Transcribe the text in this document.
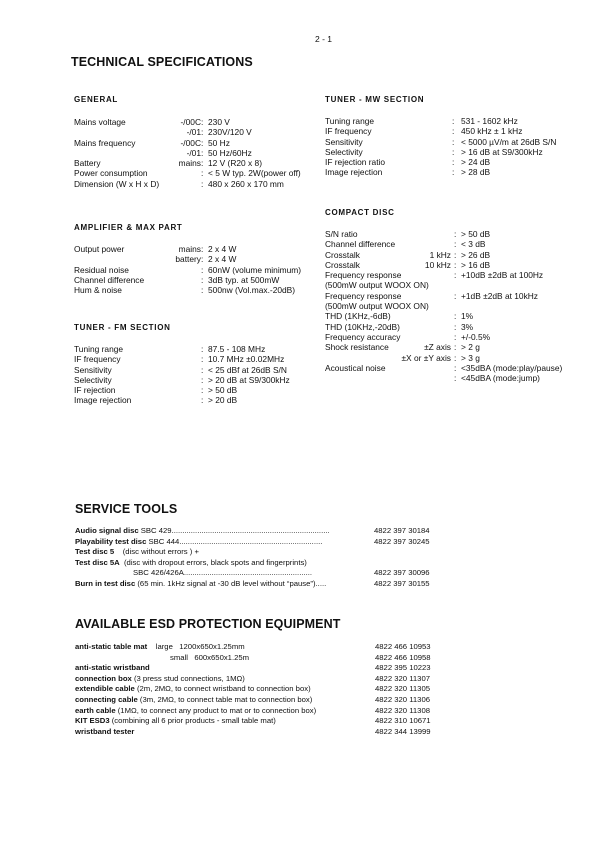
2 - 1
TECHNICAL SPECIFICATIONS
GENERAL
Mains voltage	-/00C : 230 V
-/01 : 230V/120 V
Mains frequency	-/00C : 50 Hz
-/01 : 50 Hz/60Hz
Battery	mains : 12 V (R20 x 8)
Power consumption	: < 5 W typ. 2W(power off)
Dimension (W x H x D)	: 480 x 260 x 170 mm
AMPLIFIER & MAX PART
Output power	mains : 2 x 4 W
battery : 2 x 4 W
Residual noise	: 60nW (volume minimum)
Channel difference	: 3dB typ. at 500mW
Hum & noise	: 500nw (Vol.max.-20dB)
TUNER - FM SECTION
Tuning range	: 87.5 - 108 MHz
IF frequency	: 10.7 MHz ±0.02MHz
Sensitivity	: < 25 dBf at 26dB S/N
Selectivity	: > 20 dB at S9/300kHz
IF rejection	: > 50 dB
Image rejection	: > 20 dB
TUNER - MW SECTION
Tuning range	: 531 - 1602 kHz
IF frequency	: 450 kHz ± 1 kHz
Sensitivity	: < 5000 µV/m at 26dB S/N
Selectivity	: > 16 dB at S9/300kHz
IF rejection ratio	: > 24 dB
Image rejection	: > 28 dB
COMPACT DISC
S/N ratio	: > 50 dB
Channel difference	: < 3 dB
Crosstalk	1 kHz : > 26 dB
Crosstalk	10 kHz : > 16 dB
Frequency response	: +10dB ±2dB at 100Hz
(500mW output WOOX ON)
Frequency response	: +1dB ±2dB at 10kHz
(500mW output WOOX ON)
THD (1KHz,-6dB)	: 1%
THD (10KHz,-20dB)	: 3%
Frequency accuracy	: +/-0.5%
Shock resistance	±Z axis : > 2 g
±X or ±Y axis : > 3 g
Acoustical noise	: <35dBA (mode:play/pause)
: <45dBA (mode:jump)
SERVICE TOOLS
Audio signal disc SBC 429..........................................................................	4822 397 30184
Playability test disc SBC 444...................................................................	4822 397 30245
Test disc 5    (disc without errors ) +
Test disc 5A  (disc with dropout errors, black spots and fingerprints)
SBC 426/426A............................................................	4822 397 30096
Burn in test disc (65 min. 1kHz signal at -30 dB level without “pause”).....	4822 397 30155
AVAILABLE ESD PROTECTION EQUIPMENT
anti-static table mat    large   1200x650x1.25mm	4822 466 10953
small   600x650x1.25m	4822 466 10958
anti-static wristband	4822 395 10223
connection box (3 press stud connections, 1MΩ)	4822 320 11307
extendible cable (2m, 2MΩ, to connect wristband to connection box)	4822 320 11305
connecting cable (3m, 2MΩ, to connect table mat to connection box)	4822 320 11306
earth cable (1MΩ, to connect any product to mat or to connection box)	4822 320 11308
KIT ESD3 (combining all 6 prior products - small table mat)	4822 310 10671
wristband tester	4822 344 13999
